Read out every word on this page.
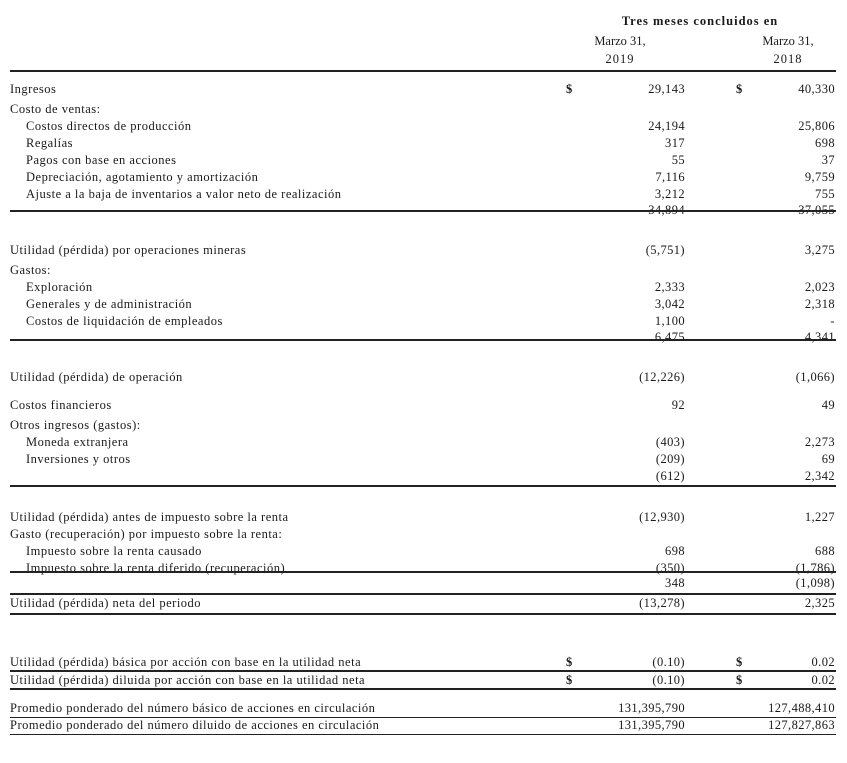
Tres meses concluidos en
Marzo 31,
2019
Marzo 31,
2018
Ingresos	$	29,143	$	40,330
Costo de ventas:
Costos directos de producción	24,194	25,806
Regalías	317	698
Pagos con base en acciones	55	37
Depreciación, agotamiento y amortización	7,116	9,759
Ajuste a la baja de inventarios a valor neto de realización	3,212	755
34,894	37,055
Utilidad (pérdida) por operaciones mineras	(5,751)	3,275
Gastos:
Exploración	2,333	2,023
Generales y de administración	3,042	2,318
Costos de liquidación de empleados	1,100	-
6,475	4,341
Utilidad (pérdida) de operación	(12,226)	(1,066)
Costos financieros	92	49
Otros ingresos (gastos):
Moneda extranjera	(403)	2,273
Inversiones y otros	(209)	69
(612)	2,342
Utilidad (pérdida) antes de impuesto sobre la renta	(12,930)	1,227
Gasto (recuperación) por impuesto sobre la renta:
Impuesto sobre la renta causado	698	688
Impuesto sobre la renta diferido (recuperación)	(350)	(1,786)
348	(1,098)
Utilidad (pérdida) neta del periodo	(13,278)	2,325
Utilidad (pérdida) básica por acción con base en la utilidad neta	$	(0.10)	$	0.02
Utilidad (pérdida) diluida por acción con base en la utilidad neta	$	(0.10)	$	0.02
Promedio ponderado del número básico de acciones en circulación	131,395,790	127,488,410
Promedio ponderado del número diluido de acciones en circulación	131,395,790	127,827,863
